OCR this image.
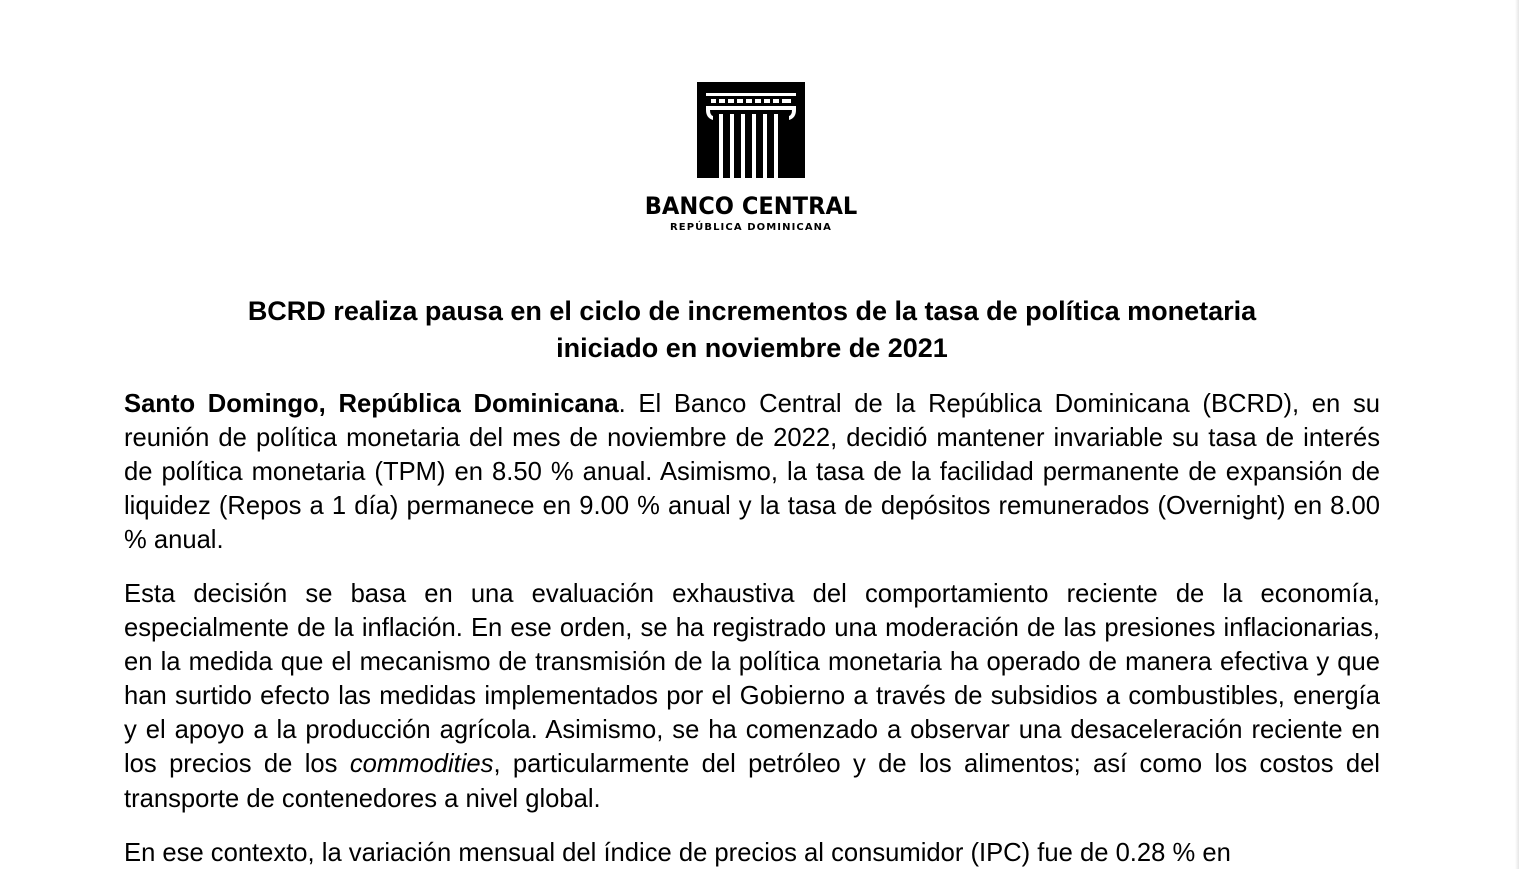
BANCO CENTRAL
REPÚBLICA DOMINICANA
BCRD realiza pausa en el ciclo de incrementos de la tasa de política monetaria
iniciado en noviembre de 2021

Santo Domingo, República Dominicana. El Banco Central de la República Dominicana (BCRD), en su reunión de política monetaria del mes de noviembre de 2022, decidió mantener invariable su tasa de interés de política monetaria (TPM) en 8.50 % anual. Asimismo, la tasa de la facilidad permanente de expansión de liquidez (Repos a 1 día) permanece en 9.00 % anual y la tasa de depósitos remunerados (Overnight) en 8.00 % anual.

Esta decisión se basa en una evaluación exhaustiva del comportamiento reciente de la economía, especialmente de la inflación. En ese orden, se ha registrado una moderación de las presiones inflacionarias, en la medida que el mecanismo de transmisión de la política monetaria ha operado de manera efectiva y que han surtido efecto las medidas implementados por el Gobierno a través de subsidios a combustibles, energía y el apoyo a la producción agrícola. Asimismo, se ha comenzado a observar una desaceleración reciente en los precios de los commodities, particularmente del petróleo y de los alimentos; así como los costos del transporte de contenedores a nivel global.

En ese contexto, la variación mensual del índice de precios al consumidor (IPC) fue de 0.28 % en
